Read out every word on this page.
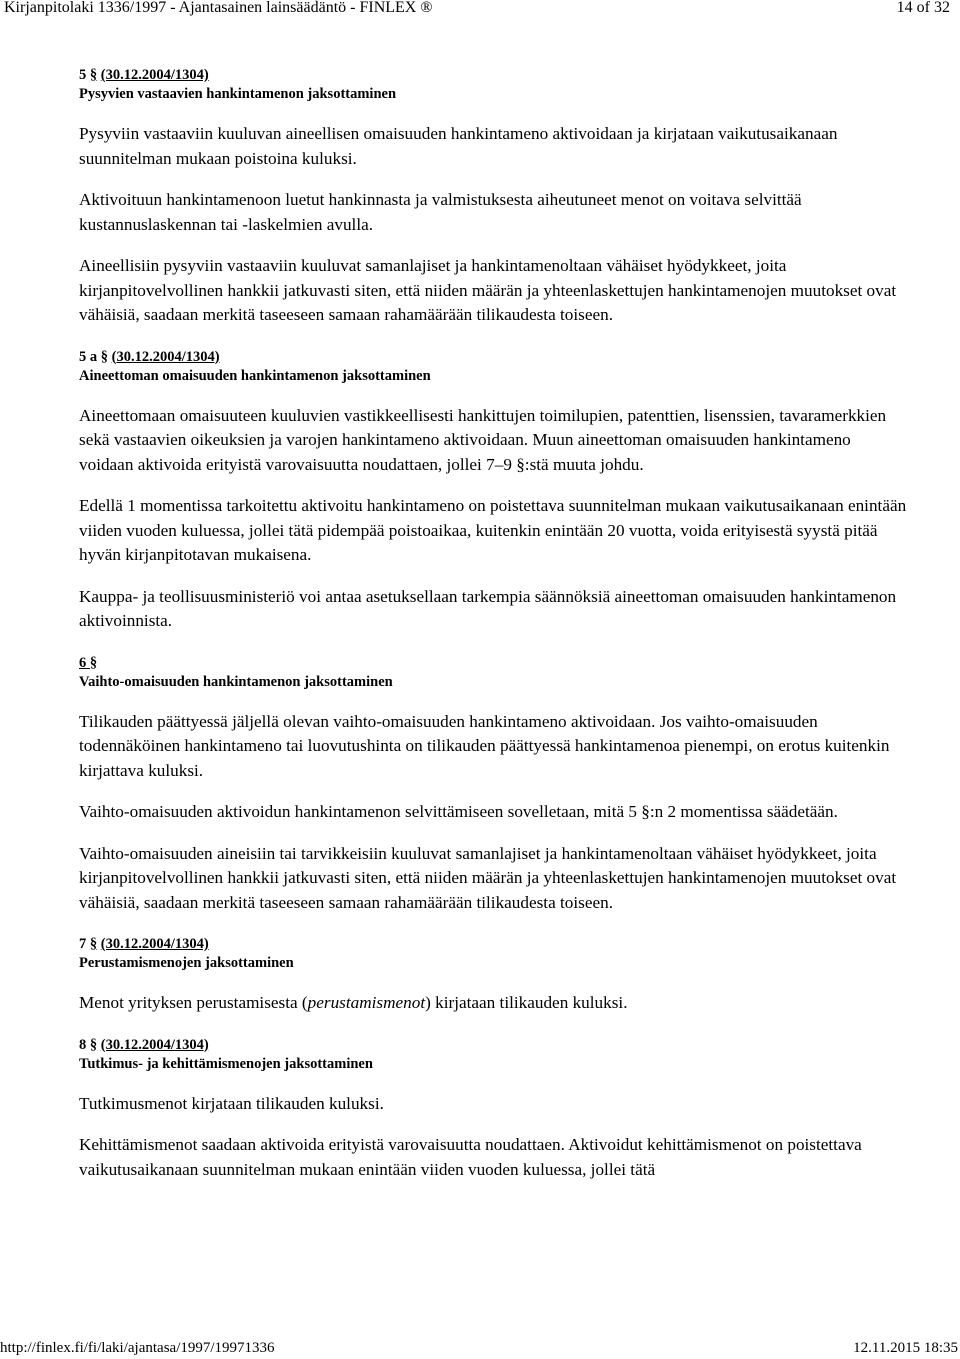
Kirjanpitolaki 1336/1997 - Ajantasainen lainsäädäntö - FINLEX ®	14 of 32
5 § (30.12.2004/1304)
Pysyvien vastaavien hankintamenon jaksottaminen

Pysyviin vastaaviin kuuluvan aineellisen omaisuuden hankintameno aktivoidaan ja kirjataan vaikutusaikanaan suunnitelman mukaan poistoina kuluksi.

Aktivoituun hankintamenoon luetut hankinnasta ja valmistuksesta aiheutuneet menot on voitava selvittää kustannuslaskennan tai -laskelmien avulla.

Aineellisiin pysyviin vastaaviin kuuluvat samanlajiset ja hankintamenoltaan vähäiset hyödykkeet, joita kirjanpitovelvollinen hankkii jatkuvasti siten, että niiden määrän ja yhteenlaskettujen hankintamenojen muutokset ovat vähäisiä, saadaan merkitä taseeseen samaan rahamäärään tilikaudesta toiseen.

5 a § (30.12.2004/1304)
Aineettoman omaisuuden hankintamenon jaksottaminen

Aineettomaan omaisuuteen kuuluvien vastikkeellisesti hankittujen toimilupien, patenttien, lisenssien, tavaramerkkien sekä vastaavien oikeuksien ja varojen hankintameno aktivoidaan. Muun aineettoman omaisuuden hankintameno voidaan aktivoida erityistä varovaisuutta noudattaen, jollei 7–9 §:stä muuta johdu.

Edellä 1 momentissa tarkoitettu aktivoitu hankintameno on poistettava suunnitelman mukaan vaikutusaikanaan enintään viiden vuoden kuluessa, jollei tätä pidempää poistoaikaa, kuitenkin enintään 20 vuotta, voida erityisestä syystä pitää hyvän kirjanpitotavan mukaisena.

Kauppa- ja teollisuusministeriö voi antaa asetuksellaan tarkempia säännöksiä aineettoman omaisuuden hankintamenon aktivoinnista.

6 §
Vaihto-omaisuuden hankintamenon jaksottaminen

Tilikauden päättyessä jäljellä olevan vaihto-omaisuuden hankintameno aktivoidaan. Jos vaihto-omaisuuden todennäköinen hankintameno tai luovutushinta on tilikauden päättyessä hankintamenoa pienempi, on erotus kuitenkin kirjattava kuluksi.

Vaihto-omaisuuden aktivoidun hankintamenon selvittämiseen sovelletaan, mitä 5 §:n 2 momentissa säädetään.

Vaihto-omaisuuden aineisiin tai tarvikkeisiin kuuluvat samanlajiset ja hankintamenoltaan vähäiset hyödykkeet, joita kirjanpitovelvollinen hankkii jatkuvasti siten, että niiden määrän ja yhteenlaskettujen hankintamenojen muutokset ovat vähäisiä, saadaan merkitä taseeseen samaan rahamäärään tilikaudesta toiseen.

7 § (30.12.2004/1304)
Perustamismenojen jaksottaminen

Menot yrityksen perustamisesta (perustamismenot) kirjataan tilikauden kuluksi.

8 § (30.12.2004/1304)
Tutkimus- ja kehittämismenojen jaksottaminen

Tutkimusmenot kirjataan tilikauden kuluksi.

Kehittämismenot saadaan aktivoida erityistä varovaisuutta noudattaen. Aktivoidut kehittämismenot on poistettava vaikutusaikanaan suunnitelman mukaan enintään viiden vuoden kuluessa, jollei tätä

http://finlex.fi/fi/laki/ajantasa/1997/19971336	12.11.2015 18:35
